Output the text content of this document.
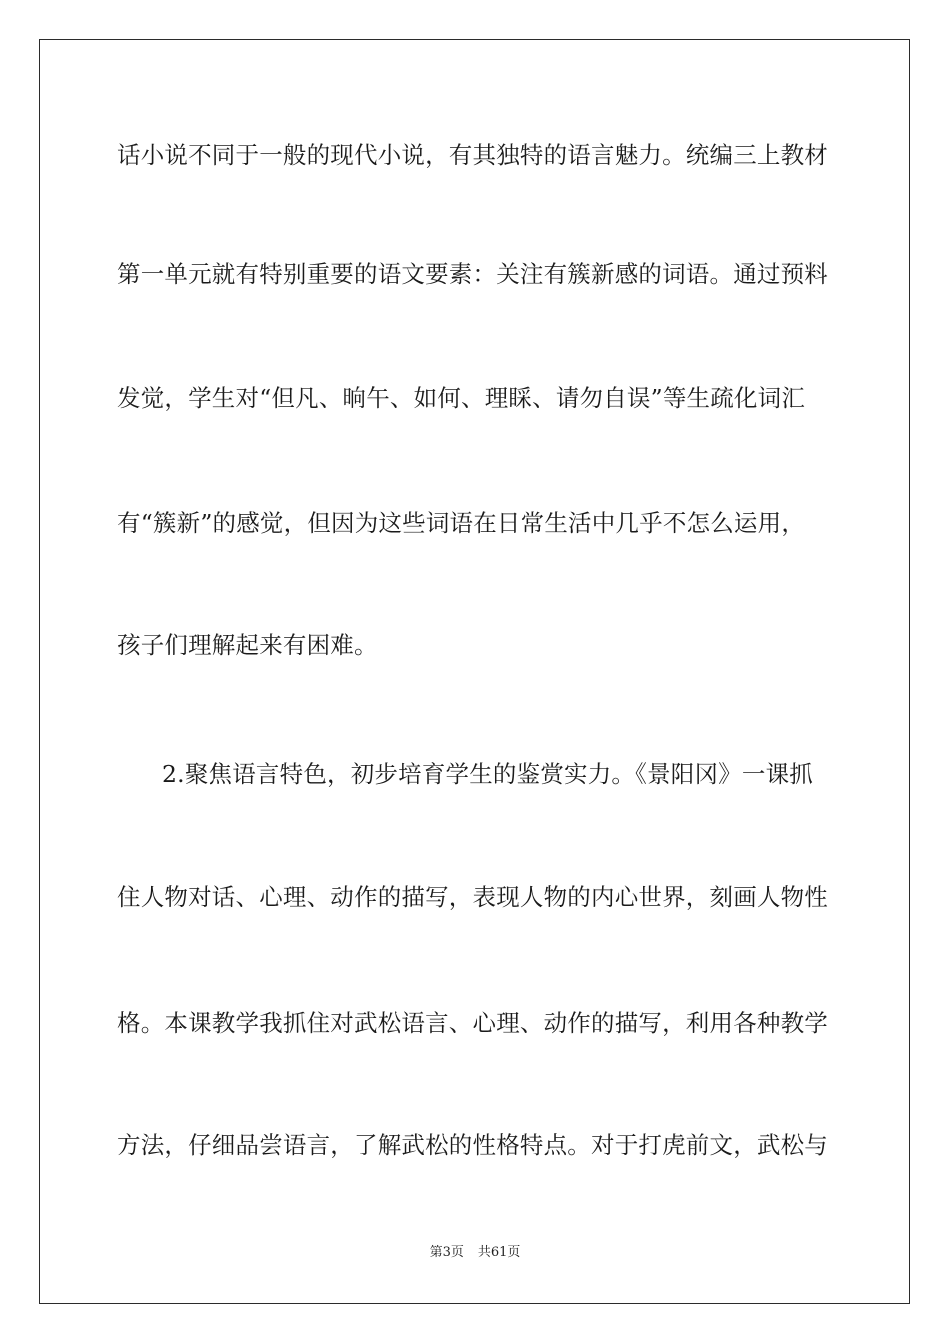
话小说不同于一般的现代小说，有其独特的语言魅力。统编三上教材
第一单元就有特别重要的语文要素：关注有簇新感的词语。通过预料
发觉，学生对“但凡、晌午、如何、理睬、请勿自误”等生疏化词汇
有“簇新”的感觉，但因为这些词语在日常生活中几乎不怎么运用，
孩子们理解起来有困难。
2.聚焦语言特色，初步培育学生的鉴赏实力。《景阳冈》一课抓
住人物对话、心理、动作的描写，表现人物的内心世界，刻画人物性
格。本课教学我抓住对武松语言、心理、动作的描写，利用各种教学
方法，仔细品尝语言，了解武松的性格特点。对于打虎前文，武松与
第3页 共61页
